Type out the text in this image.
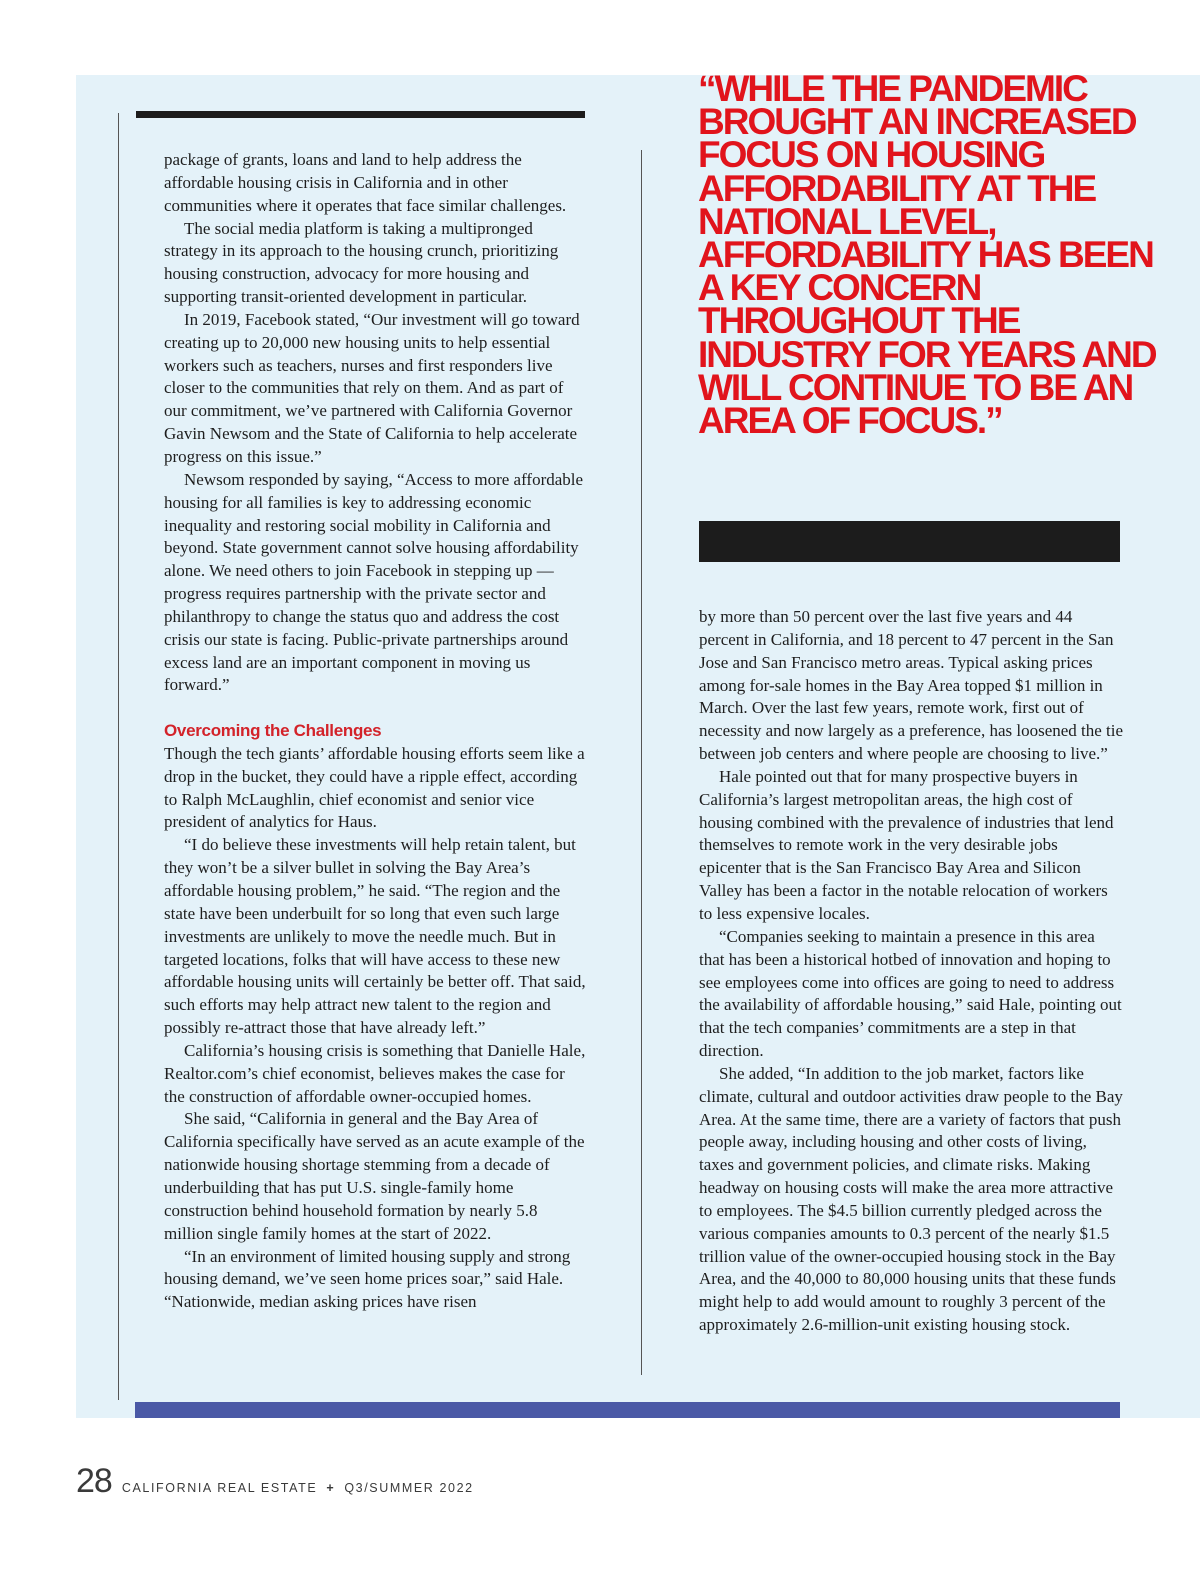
package of grants, loans and land to help address the affordable housing crisis in California and in other communities where it operates that face similar challenges.

The social media platform is taking a multipronged strategy in its approach to the housing crunch, prioritizing housing construction, advocacy for more housing and supporting transit-oriented development in particular.

In 2019, Facebook stated, “Our investment will go toward creating up to 20,000 new housing units to help essential workers such as teachers, nurses and first responders live closer to the communities that rely on them. And as part of our commitment, we’ve partnered with California Governor Gavin Newsom and the State of California to help accelerate progress on this issue.”

Newsom responded by saying, “Access to more affordable housing for all families is key to addressing economic inequality and restoring social mobility in California and beyond. State government cannot solve housing affordability alone. We need others to join Facebook in stepping up — progress requires partnership with the private sector and philanthropy to change the status quo and address the cost crisis our state is facing. Public-private partnerships around excess land are an important component in moving us forward.”

Overcoming the Challenges

Though the tech giants’ affordable housing efforts seem like a drop in the bucket, they could have a ripple effect, according to Ralph McLaughlin, chief economist and senior vice president of analytics for Haus.

“I do believe these investments will help retain talent, but they won’t be a silver bullet in solving the Bay Area’s affordable housing problem,” he said. “The region and the state have been underbuilt for so long that even such large investments are unlikely to move the needle much. But in targeted locations, folks that will have access to these new affordable housing units will certainly be better off. That said, such efforts may help attract new talent to the region and possibly re-attract those that have already left.”

California’s housing crisis is something that Danielle Hale, Realtor.com’s chief economist, believes makes the case for the construction of affordable owner-occupied homes.

She said, “California in general and the Bay Area of California specifically have served as an acute example of the nationwide housing shortage stemming from a decade of underbuilding that has put U.S. single-family home construction behind household formation by nearly 5.8 million single family homes at the start of 2022.

“In an environment of limited housing supply and strong housing demand, we’ve seen home prices soar,” said Hale. “Nationwide, median asking prices have risen

“WHILE THE PANDEMIC BROUGHT AN INCREASED FOCUS ON HOUSING AFFORDABILITY AT THE NATIONAL LEVEL, AFFORDABILITY HAS BEEN A KEY CONCERN THROUGHOUT THE INDUSTRY FOR YEARS AND WILL CONTINUE TO BE AN AREA OF FOCUS.”

by more than 50 percent over the last five years and 44 percent in California, and 18 percent to 47 percent in the San Jose and San Francisco metro areas. Typical asking prices among for-sale homes in the Bay Area topped $1 million in March. Over the last few years, remote work, first out of necessity and now largely as a preference, has loosened the tie between job centers and where people are choosing to live.”

Hale pointed out that for many prospective buyers in California’s largest metropolitan areas, the high cost of housing combined with the prevalence of industries that lend themselves to remote work in the very desirable jobs epicenter that is the San Francisco Bay Area and Silicon Valley has been a factor in the notable relocation of workers to less expensive locales.

“Companies seeking to maintain a presence in this area that has been a historical hotbed of innovation and hoping to see employees come into offices are going to need to address the availability of affordable housing,” said Hale, pointing out that the tech companies’ commitments are a step in that direction.

She added, “In addition to the job market, factors like climate, cultural and outdoor activities draw people to the Bay Area. At the same time, there are a variety of factors that push people away, including housing and other costs of living, taxes and government policies, and climate risks. Making headway on housing costs will make the area more attractive to employees. The $4.5 billion currently pledged across the various companies amounts to 0.3 percent of the nearly $1.5 trillion value of the owner-occupied housing stock in the Bay Area, and the 40,000 to 80,000 housing units that these funds might help to add would amount to roughly 3 percent of the approximately 2.6-million-unit existing housing stock.

28 CALIFORNIA REAL ESTATE + Q3/SUMMER 2022
